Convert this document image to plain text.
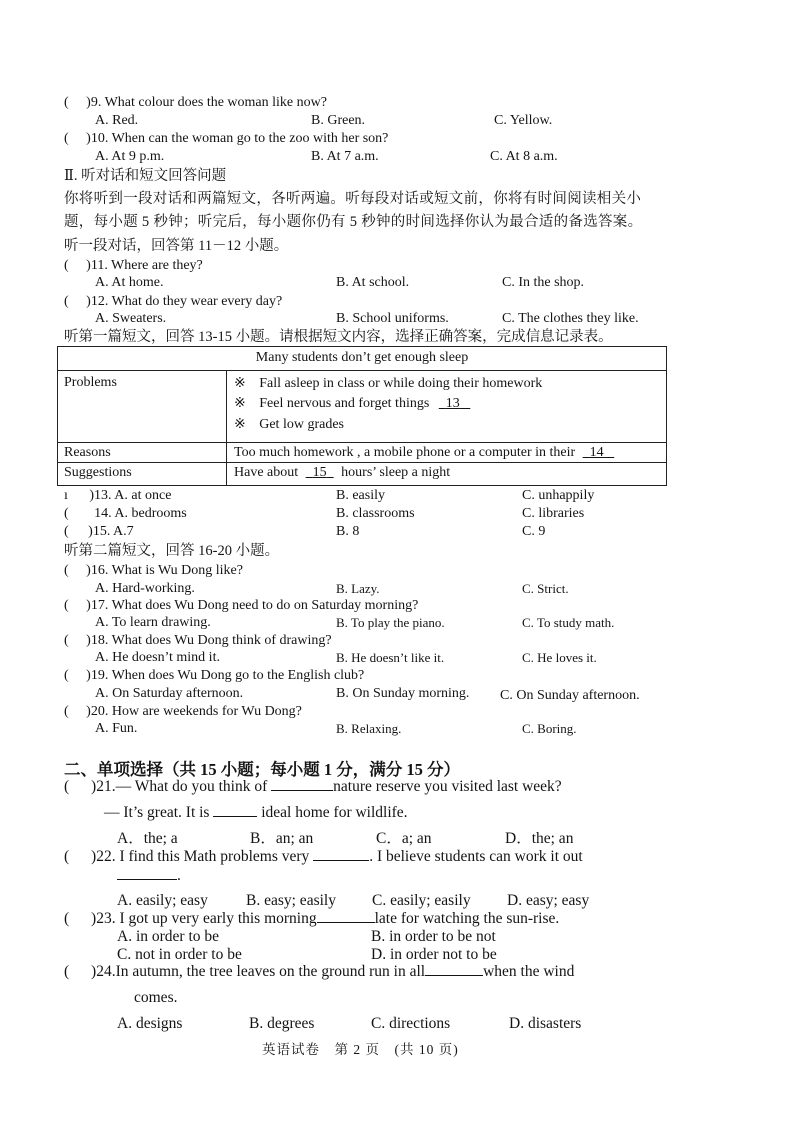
( )9. What colour does the woman like now?
A. Red.	B. Green.	C. Yellow.
( )10. When can the woman go to the zoo with her son?
A. At 9 p.m.	B. At 7 a.m.	C. At 8 a.m.
Ⅱ. 听对话和短文回答问题
你将听到一段对话和两篇短文，各听两遍。听每段对话或短文前，你将有时间阅读相关小
题，每小题 5 秒钟；听完后，每小题你仍有 5 秒钟的时间选择你认为最合适的备选答案。
听一段对话，回答第 11－12 小题。
( )11. Where are they?
A. At home.	B. At school.	C. In the shop.
( )12. What do they wear every day?
A. Sweaters.	B. School uniforms.	C. The clothes they like.
听第一篇短文，回答 13-15 小题。请根据短文内容，选择正确答案，完成信息记录表。
Many students don’t get enough sleep
Problems	※ Fall asleep in class or while doing their homework
※ Feel nervous and forget things 13
※ Get low grades
Reasons	Too much homework , a mobile phone or a computer in their 14
Suggestions	Have about 15 hours’ sleep a night
ı )13. A. at once	B. easily	C. unhappily
( 14. A. bedrooms	B. classrooms	C. libraries
( )15. A.7	B. 8	C. 9
听第二篇短文，回答 16-20 小题。
( )16. What is Wu Dong like?
A. Hard-working.	B. Lazy.	C. Strict.
( )17. What does Wu Dong need to do on Saturday morning?
A. To learn drawing.	B. To play the piano.	C. To study math.
( )18. What does Wu Dong think of drawing?
A. He doesn’t mind it.	B. He doesn’t like it.	C. He loves it.
( )19. When does Wu Dong go to the English club?
A. On Saturday afternoon.	B. On Sunday morning. C. On Sunday afternoon.
( )20. How are weekends for Wu Dong?
A. Fun.	B. Relaxing.	C. Boring.
二、单项选择（共 15 小题；每小题 1 分，满分 15 分）
( )21.— What do you think of	nature reserve you visited last week?
— It’s great. It is	ideal home for wildlife.
A．the; a	B．an; an	C．a; an	D．the; an
( )22. I find this Math problems very	. I believe students can work it out
.
A. easily; easy B. easy; easily C. easily; easily D. easy; easy
( )23. I got up very early this morning	late for watching the sun-rise.
A. in order to be	B. in order to be not
C. not in order to be	D. in order not to be
( )24.In autumn, the tree leaves on the ground run in all	when the wind
comes.
A. designs	B. degrees	C. directions	D. disasters
英语试卷　第 2 页　(共 10 页)
